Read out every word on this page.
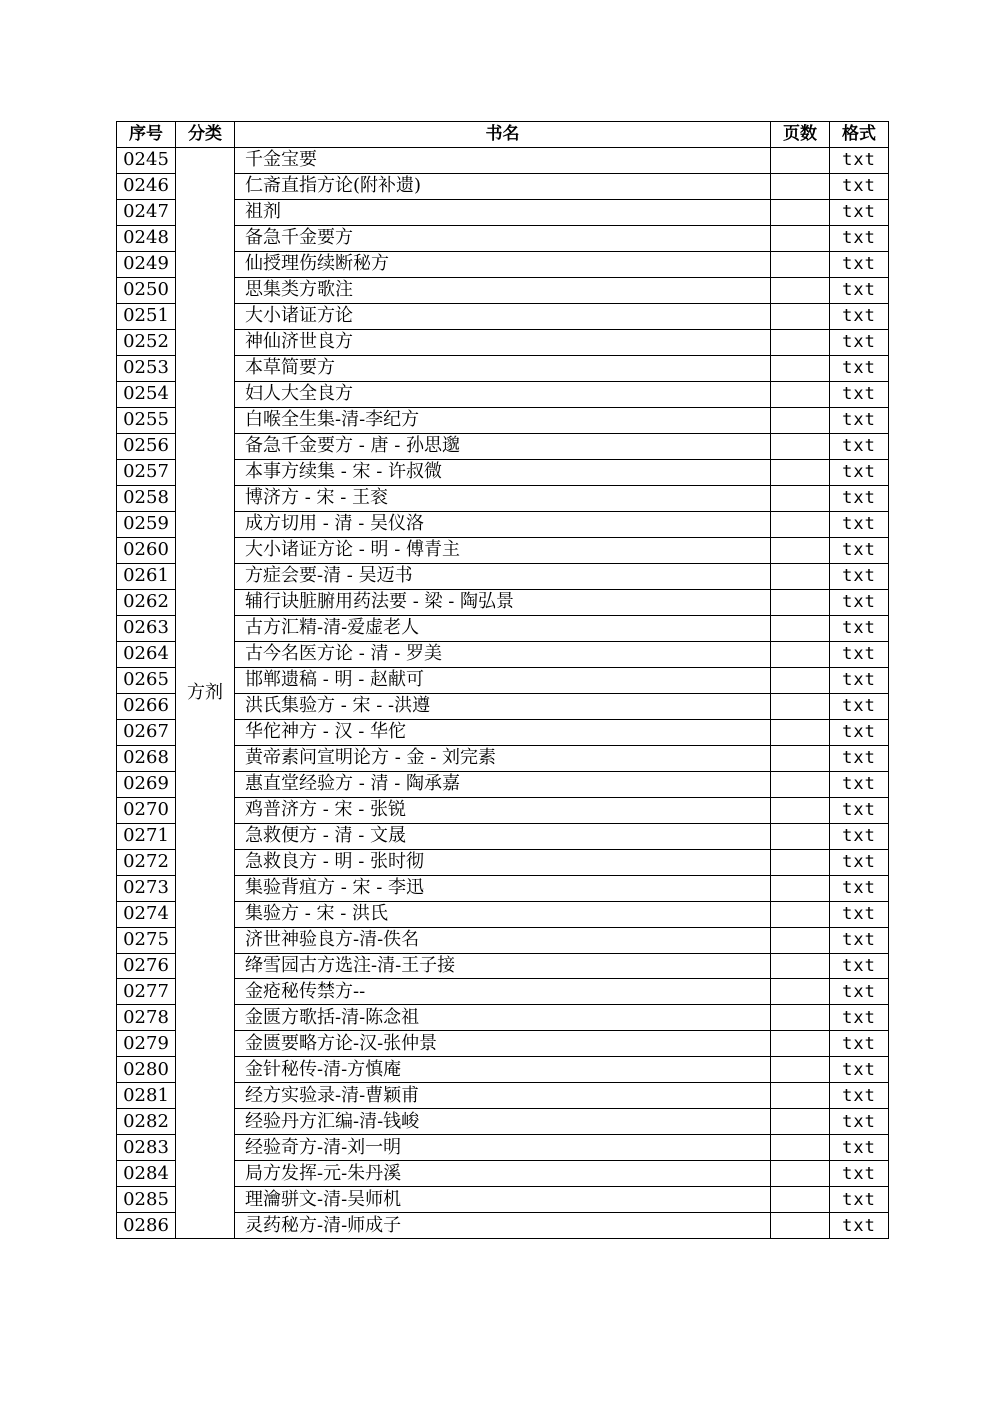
序号	分类	书名	页数	格式
0245	方剂	千金宝要		txt
0246		仁斋直指方论(附补遗)		txt
0247		祖剂		txt
0248		备急千金要方		txt
0249		仙授理伤续断秘方		txt
0250		思集类方歌注		txt
0251		大小诸证方论		txt
0252		神仙济世良方		txt
0253		本草简要方		txt
0254		妇人大全良方		txt
0255		白喉全生集-清-李纪方		txt
0256		备急千金要方 - 唐 - 孙思邈		txt
0257		本事方续集 - 宋 - 许叔微		txt
0258		博济方 - 宋 - 王衮		txt
0259		成方切用 - 清 - 吴仪洛		txt
0260		大小诸证方论 - 明 - 傅青主		txt
0261		方症会要-清 - 吴迈书		txt
0262		辅行诀脏腑用药法要 - 梁 - 陶弘景		txt
0263		古方汇精-清-爱虚老人		txt
0264		古今名医方论 - 清 - 罗美		txt
0265		邯郸遗稿 - 明 - 赵献可		txt
0266		洪氏集验方 - 宋 - -洪遵		txt
0267		华佗神方 - 汉 - 华佗		txt
0268		黄帝素问宣明论方 - 金 - 刘完素		txt
0269		惠直堂经验方 - 清 - 陶承嘉		txt
0270		鸡普济方 - 宋 - 张锐		txt
0271		急救便方 - 清 - 文晟		txt
0272		急救良方 - 明 - 张时彻		txt
0273		集验背疽方 - 宋 - 李迅		txt
0274		集验方 - 宋 - 洪氏		txt
0275		济世神验良方-清-佚名		txt
0276		绛雪园古方选注-清-王子接		txt
0277		金疮秘传禁方--		txt
0278		金匮方歌括-清-陈念祖		txt
0279		金匮要略方论-汉-张仲景		txt
0280		金针秘传-清-方慎庵		txt
0281		经方实验录-清-曹颖甫		txt
0282		经验丹方汇编-清-钱峻		txt
0283		经验奇方-清-刘一明		txt
0284		局方发挥-元-朱丹溪		txt
0285		理瀹骈文-清-吴师机		txt
0286		灵药秘方-清-师成子		txt
